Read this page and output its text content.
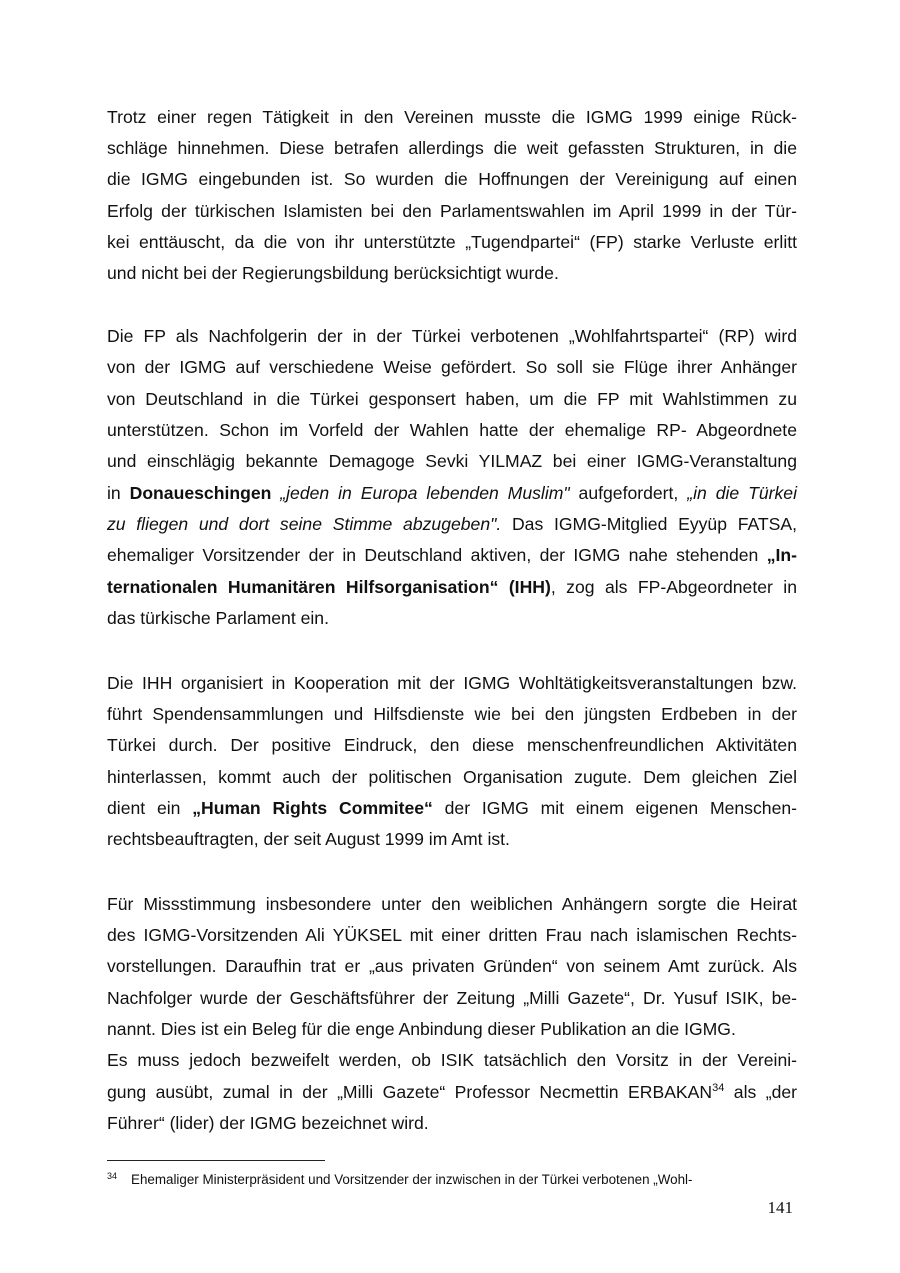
Trotz einer regen Tätigkeit in den Vereinen musste die IGMG 1999 einige Rück-
schläge hinnehmen. Diese betrafen allerdings die weit gefassten Strukturen, in die
die IGMG eingebunden ist. So wurden die Hoffnungen der Vereinigung auf einen
Erfolg der türkischen Islamisten bei den Parlamentswahlen im April 1999 in der Tür-
kei enttäuscht, da die von ihr unterstützte „Tugendpartei“ (FP) starke Verluste erlitt
und nicht bei der Regierungsbildung berücksichtigt wurde.
Die FP als Nachfolgerin der in der Türkei verbotenen „Wohlfahrtspartei“ (RP) wird
von der IGMG auf verschiedene Weise gefördert. So soll sie Flüge ihrer Anhänger
von Deutschland in die Türkei gesponsert haben, um die FP mit Wahlstimmen zu
unterstützen. Schon im Vorfeld der Wahlen hatte der ehemalige RP- Abgeordnete
und einschlägig bekannte Demagoge Sevki YILMAZ bei einer IGMG-Veranstaltung
in Donaueschingen „jeden in Europa lebenden Muslim" aufgefordert, „in die Türkei
zu fliegen und dort seine Stimme abzugeben". Das IGMG-Mitglied Eyyüp FATSA,
ehemaliger Vorsitzender der in Deutschland aktiven, der IGMG nahe stehenden „In-
ternationalen Humanitären Hilfsorganisation“ (IHH), zog als FP-Abgeordneter in
das türkische Parlament ein.
Die IHH organisiert in Kooperation mit der IGMG Wohltätigkeitsveranstaltungen bzw.
führt Spendensammlungen und Hilfsdienste wie bei den jüngsten Erdbeben in der
Türkei durch. Der positive Eindruck, den diese menschenfreundlichen Aktivitäten
hinterlassen, kommt auch der politischen Organisation zugute. Dem gleichen Ziel
dient ein „Human Rights Commitee“ der IGMG mit einem eigenen Menschen-
rechtsbeauftragten, der seit August 1999 im Amt ist.
Für Missstimmung insbesondere unter den weiblichen Anhängern sorgte die Heirat
des IGMG-Vorsitzenden Ali YÜKSEL mit einer dritten Frau nach islamischen Rechts-
vorstellungen. Daraufhin trat er „aus privaten Gründen“ von seinem Amt zurück. Als
Nachfolger wurde der Geschäftsführer der Zeitung „Milli Gazete“, Dr. Yusuf ISIK, be-
nannt. Dies ist ein Beleg für die enge Anbindung dieser Publikation an die IGMG.
Es muss jedoch bezweifelt werden, ob ISIK tatsächlich den Vorsitz in der Vereini-
gung ausübt, zumal in der „Milli Gazete“ Professor Necmettin ERBAKAN$^{34}$ als „der
Führer“ (lider) der IGMG bezeichnet wird.
$^{34}$ Ehemaliger Ministerpräsident und Vorsitzender der inzwischen in der Türkei verbotenen „Wohl-
141
